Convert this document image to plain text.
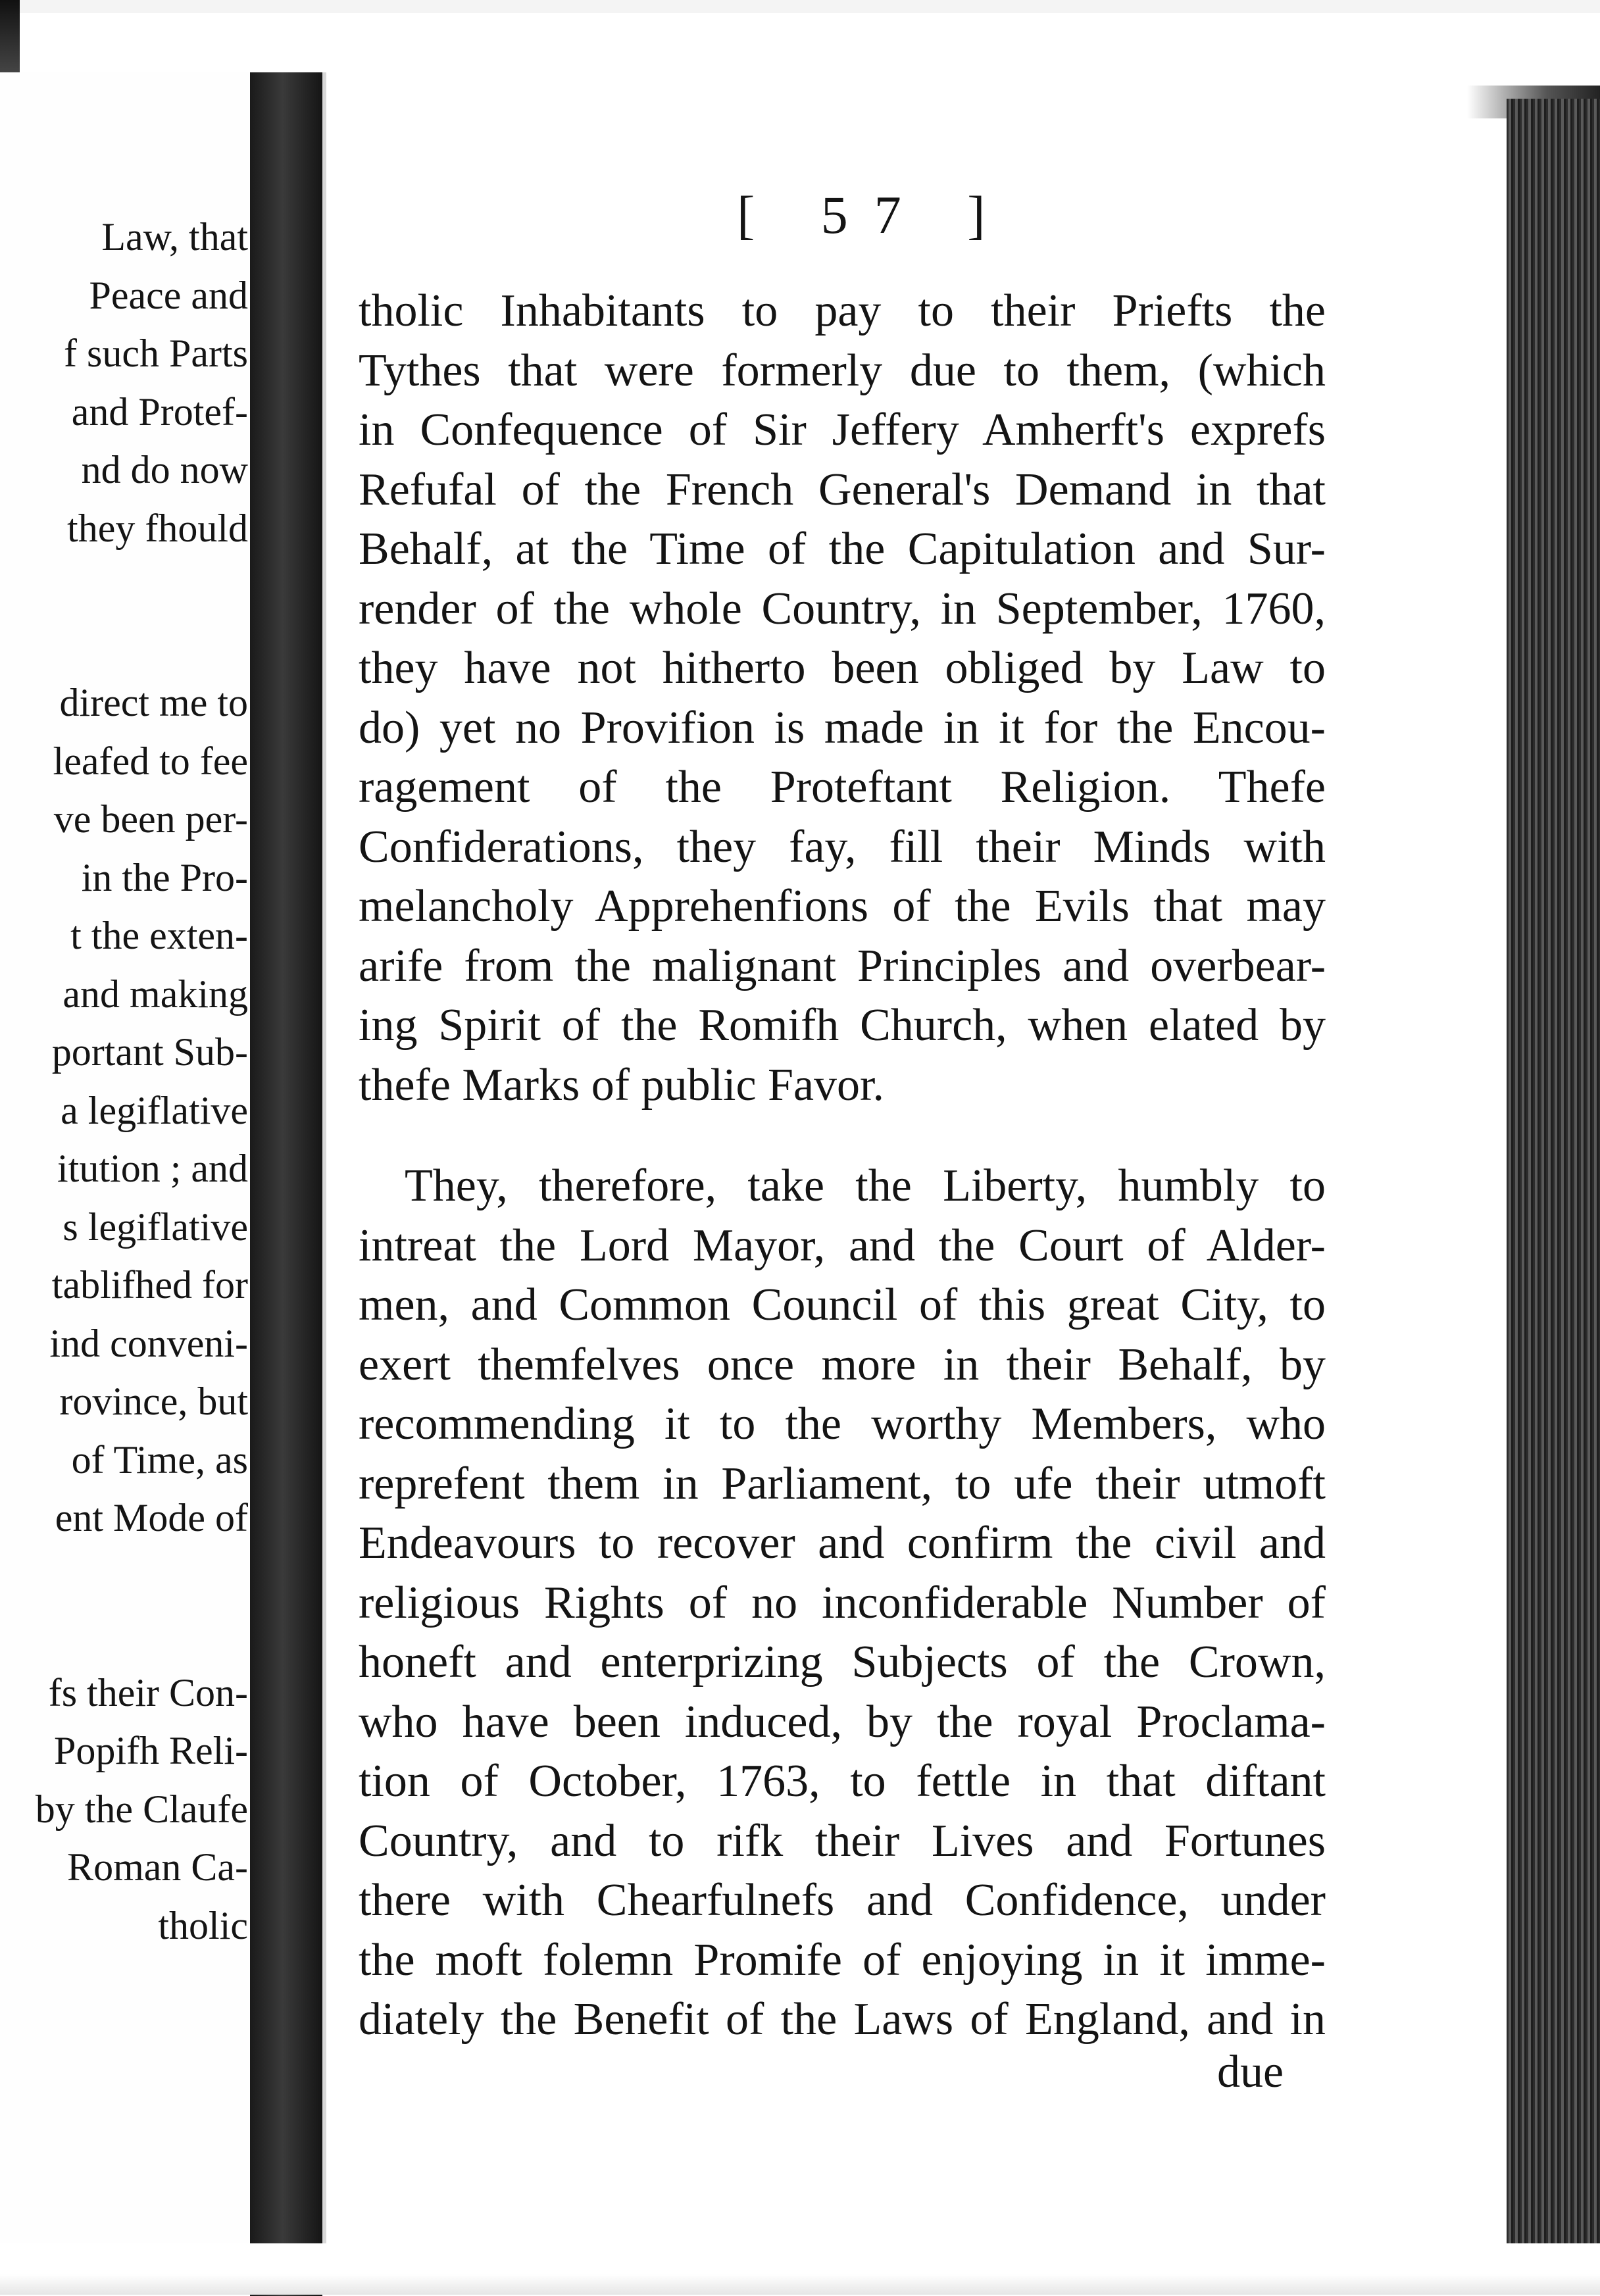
Law, that
Peace and
f such Parts
and Protef-
nd do now
they fhould
direct me to
leafed to fee
ve been per-
in the Pro-
t the exten-
and making
portant Sub-
a legiflative
itution ; and
s legiflative
tablifhed for
ind conveni-
rovince, but
of Time, as
ent Mode of
fs their Con-
Popifh Reli-
by the Claufe
Roman Ca-
tholic
[ 57 ]
tholic Inhabitants to pay to their Priefts the
Tythes that were formerly due to them, (which
in Confequence of Sir Jeffery Amherft's exprefs
Refufal of the French General's Demand in that
Behalf, at the Time of the Capitulation and Sur-
render of the whole Country, in September, 1760,
they have not hitherto been obliged by Law to
do) yet no Provifion is made in it for the Encou-
ragement of the Proteftant Religion. Thefe
Confiderations, they fay, fill their Minds with
melancholy Apprehenfions of the Evils that may
arife from the malignant Principles and overbear-
ing Spirit of the Romifh Church, when elated by
thefe Marks of public Favor.
They, therefore, take the Liberty, humbly to
intreat the Lord Mayor, and the Court of Alder-
men, and Common Council of this great City, to
exert themfelves once more in their Behalf, by
recommending it to the worthy Members, who
reprefent them in Parliament, to ufe their utmoft
Endeavours to recover and confirm the civil and
religious Rights of no inconfiderable Number of
honeft and enterprizing Subjects of the Crown,
who have been induced, by the royal Proclama-
tion of October, 1763, to fettle in that diftant
Country, and to rifk their Lives and Fortunes
there with Chearfulnefs and Confidence, under
the moft folemn Promife of enjoying in it imme-
diately the Benefit of the Laws of England, and in
due
